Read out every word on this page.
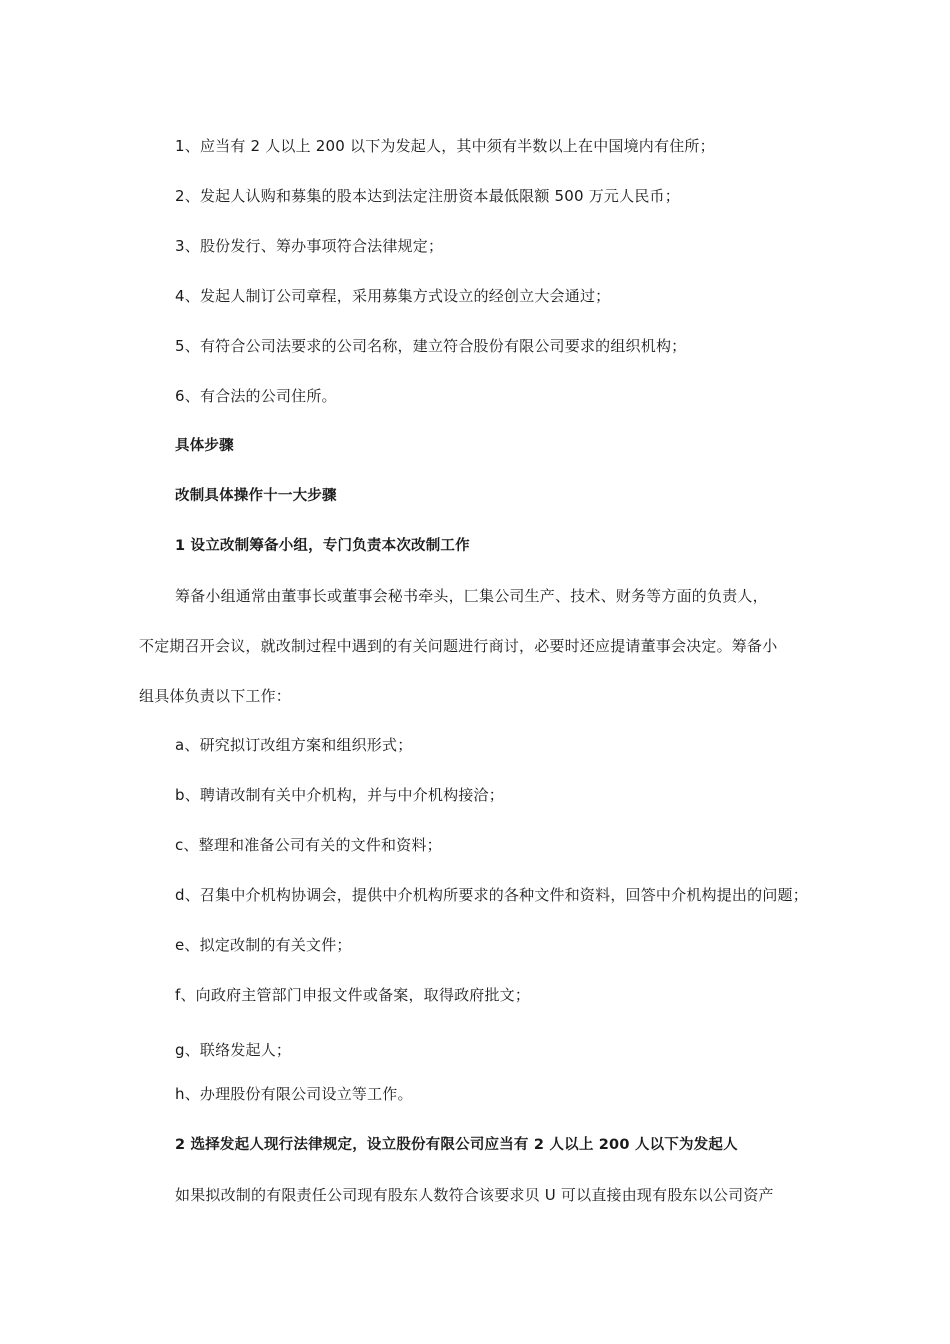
1、应当有 2 人以上 200 以下为发起人，其中须有半数以上在中国境内有住所；
2、发起人认购和募集的股本达到法定注册资本最低限额 500 万元人民币；
3、股份发行、筹办事项符合法律规定；
4、发起人制订公司章程，采用募集方式设立的经创立大会通过；
5、有符合公司法要求的公司名称，建立符合股份有限公司要求的组织机构；
6、有合法的公司住所。
具体步骤
改制具体操作十一大步骤
1 设立改制筹备小组，专门负责本次改制工作
筹备小组通常由董事长或董事会秘书牵头，匚集公司生产、技术、财务等方面的负责人，
不定期召开会议，就改制过程中遇到的有关问题进行商讨，必要时还应提请董事会决定。筹备小
组具体负责以下工作：
a、研究拟订改组方案和组织形式；
b、聘请改制有关中介机构，并与中介机构接洽；
c、整理和准备公司有关的文件和资料；
d、召集中介机构协调会，提供中介机构所要求的各种文件和资料，回答中介机构提出的问题；
e、拟定改制的有关文件；
f、向政府主管部门申报文件或备案，取得政府批文；
g、联络发起人；
h、办理股份有限公司设立等工作。
2 选择发起人现行法律规定，设立股份有限公司应当有 2 人以上 200 人以下为发起人
如果拟改制的有限责任公司现有股东人数符合该要求贝 U 可以直接由现有股东以公司资产
